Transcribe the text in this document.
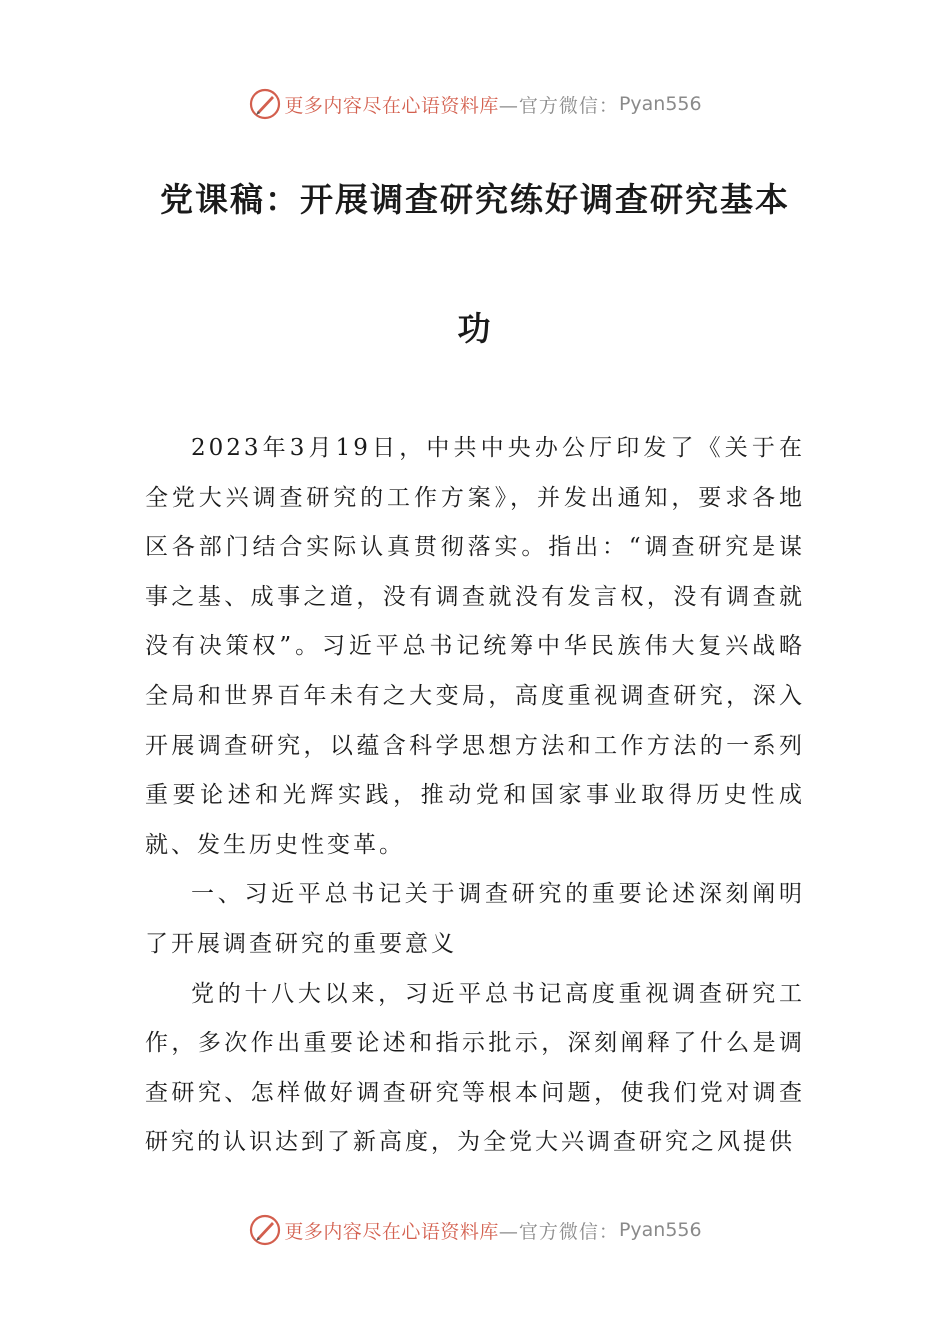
更多内容尽在心语资料库 —官方微信： Pyan556
党课稿：开展调查研究练好调查研究基本功

2023年3月19日，中共中央办公厅印发了《关于在全党大兴调查研究的工作方案》，并发出通知，要求各地区各部门结合实际认真贯彻落实。指出：“调查研究是谋事之基、成事之道，没有调查就没有发言权，没有调查就没有决策权”。习近平总书记统筹中华民族伟大复兴战略全局和世界百年未有之大变局，高度重视调查研究，深入开展调查研究，以蕴含科学思想方法和工作方法的一系列重要论述和光辉实践，推动党和国家事业取得历史性成就、发生历史性变革。

一、习近平总书记关于调查研究的重要论述深刻阐明了开展调查研究的重要意义

党的十八大以来，习近平总书记高度重视调查研究工作，多次作出重要论述和指示批示，深刻阐释了什么是调查研究、怎样做好调查研究等根本问题，使我们党对调查研究的认识达到了新高度，为全党大兴调查研究之风提供

更多内容尽在心语资料库 —官方微信： Pyan556
